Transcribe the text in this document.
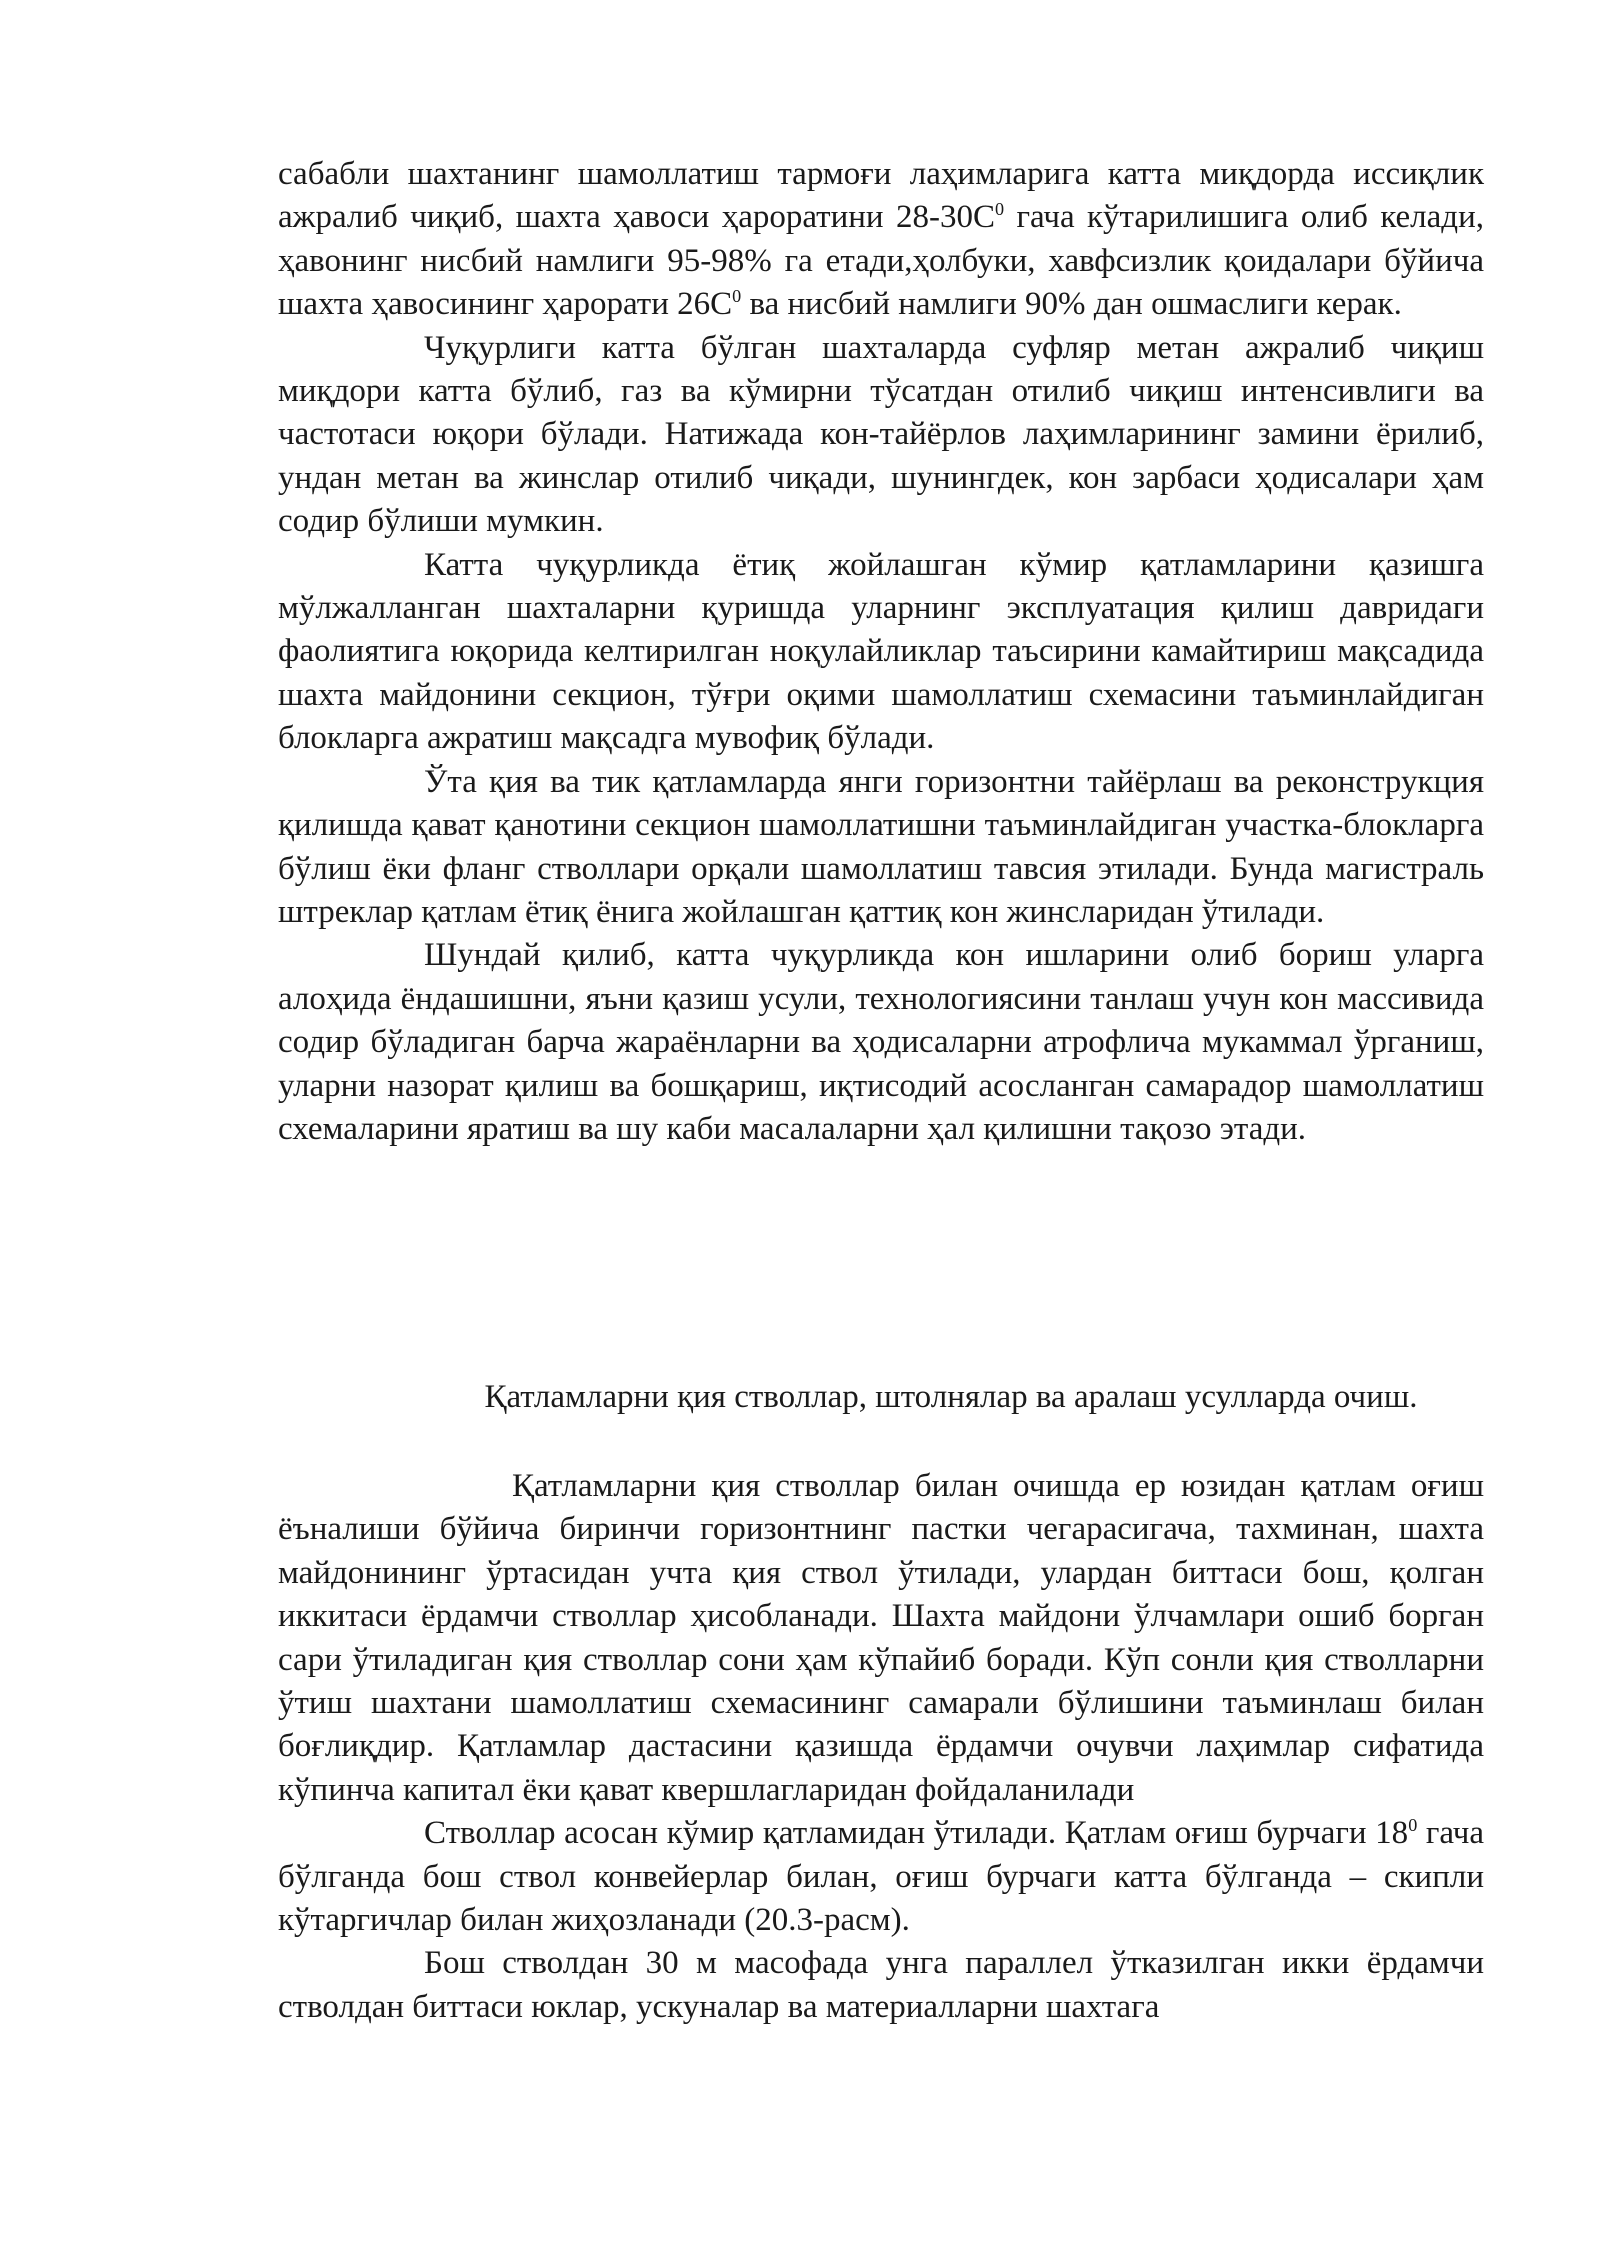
сабабли шахтанинг шамоллатиш тармоғи лаҳимларига катта миқдорда иссиқлик ажралиб чиқиб, шахта ҳавоси ҳароратини $28-30С^0$ гача кўтарилишига олиб келади, ҳавонинг нисбий намлиги 95-98% га етади,ҳолбуки, хавфсизлик қоидалари бўйича шахта ҳавосининг ҳарорати $26С^0$ ва нисбий намлиги 90% дан ошмаслиги керак.

Чуқурлиги катта бўлган шахталарда суфляр метан ажралиб чиқиш миқдори катта бўлиб, газ ва кўмирни тўсатдан отилиб чиқиш интенсивлиги ва частотаси юқори бўлади. Натижада кон-тайёрлов лаҳимларининг замини ёрилиб, ундан метан ва жинслар отилиб чиқади, шунингдек, кон зарбаси ҳодисалари ҳам содир бўлиши мумкин.

Катта чуқурликда ётиқ жойлашган кўмир қатламларини қазишга мўлжалланган шахталарни қуришда уларнинг эксплуатация қилиш давридаги фаолиятига юқорида келтирилган ноқулайликлар таъсирини камайтириш мақсадида шахта майдонини секцион, тўғри оқими шамоллатиш схемасини таъминлайдиган блокларга ажратиш мақсадга мувофиқ бўлади.

Ўта қия ва тик қатламларда янги горизонтни тайёрлаш ва реконструкция қилишда қават қанотини секцион шамоллатишни таъминлайдиган участка-блокларга бўлиш ёки фланг стволлари орқали шамоллатиш тавсия этилади. Бунда магистраль штреклар қатлам ётиқ ёнига жойлашган қаттиқ кон жинсларидан ўтилади.

Шундай қилиб, катта чуқурликда кон ишларини олиб бориш уларга алоҳида ёндашишни, яъни қазиш усули, технологиясини танлаш учун кон массивида содир бўладиган барча жараёнларни ва ҳодисаларни атрофлича мукаммал ўрганиш, уларни назорат қилиш ва бошқариш, иқтисодий асосланган самарадор шамоллатиш схемаларини яратиш ва шу каби масалаларни ҳал қилишни тақозо этади.

Қатламларни қия стволлар, штолнялар ва аралаш усулларда очиш.

Қатламларни қия стволлар билан очишда ер юзидан қатлам оғиш ёъналиши бўйича биринчи горизонтнинг пастки чегарасигача, тахминан, шахта майдонининг ўртасидан учта қия ствол ўтилади, улардан биттаси бош, қолган иккитаси ёрдамчи стволлар ҳисобланади. Шахта майдони ўлчамлари ошиб борган сари ўтиладиган қия стволлар сони ҳам кўпайиб боради. Кўп сонли қия стволларни ўтиш шахтани шамоллатиш схемасининг самарали бўлишини таъминлаш билан боғлиқдир. Қатламлар дастасини қазишда ёрдамчи очувчи лаҳимлар сифатида кўпинча капитал ёки қават квершлагларидан фойдаланилади

Стволлар асосан кўмир қатламидан ўтилади. Қатлам оғиш бурчаги $18^0$ гача бўлганда бош ствол конвейерлар билан, оғиш бурчаги катта бўлганда – скипли кўтаргичлар билан жиҳозланади (20.3-расм).

Бош стволдан 30 м масофада унга параллел ўтказилган икки ёрдамчи стволдан биттаси юклар, ускуналар ва материалларни шахтага
